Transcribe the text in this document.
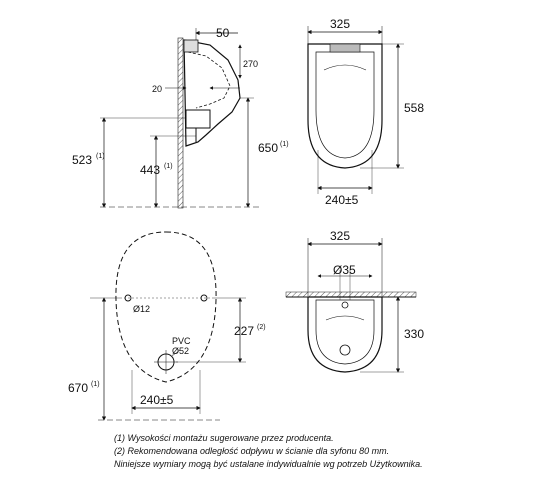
50
270
20
523 (1)
443 (1)
650 (1)
325
558
240±5
Ø12
PVC
Ø52
227 (2)
670 (1)
240±5
325
Ø35
330
(1) Wysokości montażu sugerowane przez producenta.
(2) Rekomendowana odległość odpływu w ścianie dla syfonu 80 mm.
Niniejsze wymiary mogą być ustalane indywidualnie wg potrzeb Użytkownika.
